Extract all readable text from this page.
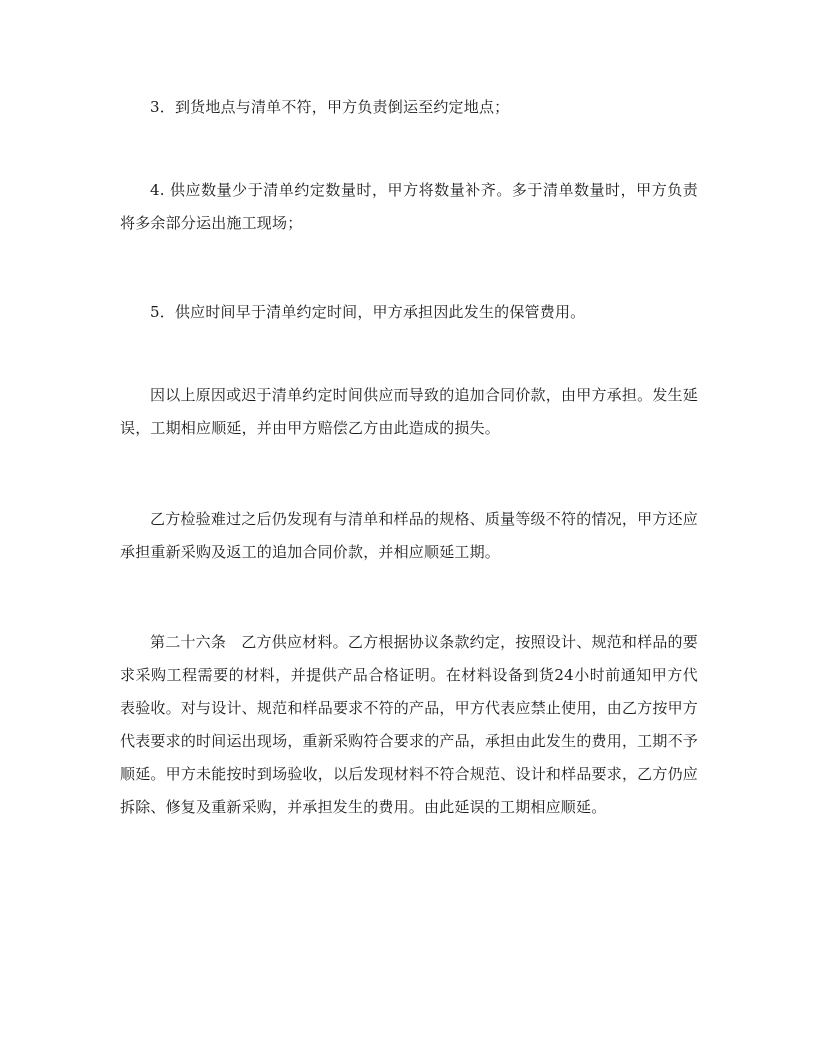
3．到货地点与清单不符，甲方负责倒运至约定地点；

4. 供应数量少于清单约定数量时，甲方将数量补齐。多于清单数量时，甲方负责将多余部分运出施工现场；

5．供应时间早于清单约定时间，甲方承担因此发生的保管费用。

因以上原因或迟于清单约定时间供应而导致的追加合同价款，由甲方承担。发生延误，工期相应顺延，并由甲方赔偿乙方由此造成的损失。

乙方检验难过之后仍发现有与清单和样品的规格、质量等级不符的情况，甲方还应承担重新采购及返工的追加合同价款，并相应顺延工期。

第二十六条　乙方供应材料。乙方根据协议条款约定，按照设计、规范和样品的要求采购工程需要的材料，并提供产品合格证明。在材料设备到货24小时前通知甲方代表验收。对与设计、规范和样品要求不符的产品，甲方代表应禁止使用，由乙方按甲方代表要求的时间运出现场，重新采购符合要求的产品，承担由此发生的费用，工期不予顺延。甲方未能按时到场验收，以后发现材料不符合规范、设计和样品要求，乙方仍应拆除、修复及重新采购，并承担发生的费用。由此延误的工期相应顺延。
